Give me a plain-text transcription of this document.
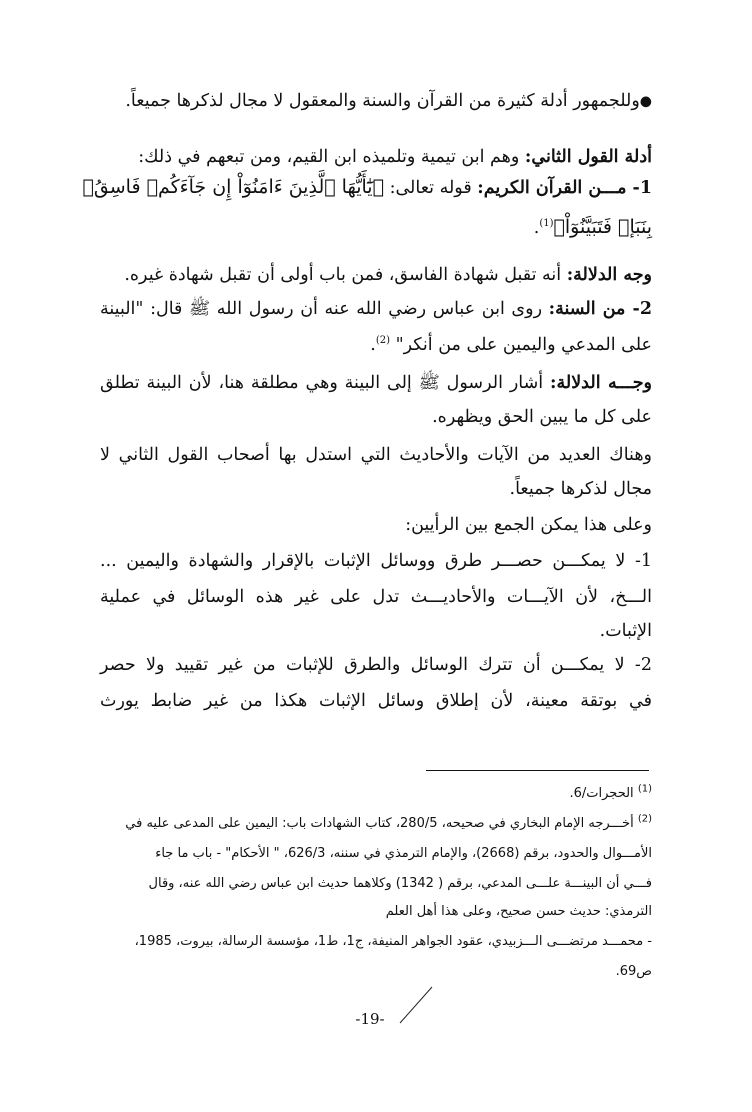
●وللجمهور أدلة كثيرة من القرآن والسنة والمعقول لا مجال لذكرها جميعاً.
أدلة القول الثاني: وهم ابن تيمية وتلميذه ابن القيم، ومن تبعهم في ذلك:
1- مـــن القرآن الكريم: قوله تعالى: ﴿يَٰٓأَيُّهَا ٱلَّذِينَ ءَامَنُوٓاْ إِن جَآءَكُمۡ فَاسِقُۢ
بِنَبَإٖ فَتَبَيَّنُوٓاْ﴾$^{(1)}$.
وجه الدلالة: أنه تقبل شهادة الفاسق، فمن باب أولى أن تقبل شهادة غيره.
2- من السنة: روى ابن عباس رضي الله عنه أن رسول الله ﷺ قال: "البينة
على المدعي واليمين على من أنكر" $^{(2)}$.
وجـــه الدلالة: أشار الرسول ﷺ إلى البينة وهي مطلقة هنا، لأن البينة تطلق
على كل ما يبين الحق ويظهره.
وهناك العديد من الآيات والأحاديث التي استدل بها أصحاب القول الثاني لا
مجال لذكرها جميعاً.
وعلى هذا يمكن الجمع بين الرأيين:
1- لا يمكـــن حصـــر طرق ووسائل الإثبات بالإقرار والشهادة واليمين ...
الـــخ، لأن الآيـــات والأحاديـــث تدل على غير هذه الوسائل في عملية
الإثبات.
2- لا يمكـــن أن تترك الوسائل والطرق للإثبات من غير تقييد ولا حصر
في بوتقة معينة، لأن إطلاق وسائل الإثبات هكذا من غير ضابط يورث
$^{(1)}$ الحجرات/6.
$^{(2)}$ أخـــرجه الإمام البخاري في صحيحه، 280/5، كتاب الشهادات باب: اليمين على المدعى عليه في
الأمـــوال والحدود، برقم (2668)، والإمام الترمذي في سننه، 626/3، " الأحكام" - باب ما جاء
فـــي أن البينـــة علـــى المدعي، برقم ( 1342) وكلاهما حديث ابن عباس رضي الله عنه، وقال
الترمذي: حديث حسن صحيح، وعلى هذا أهل العلم
- محمـــد مرتضـــى الـــزبيدي، عقود الجواهر المنيفة، ج1، ط1، مؤسسة الرسالة، بيروت، 1985،
ص69.
-19-
